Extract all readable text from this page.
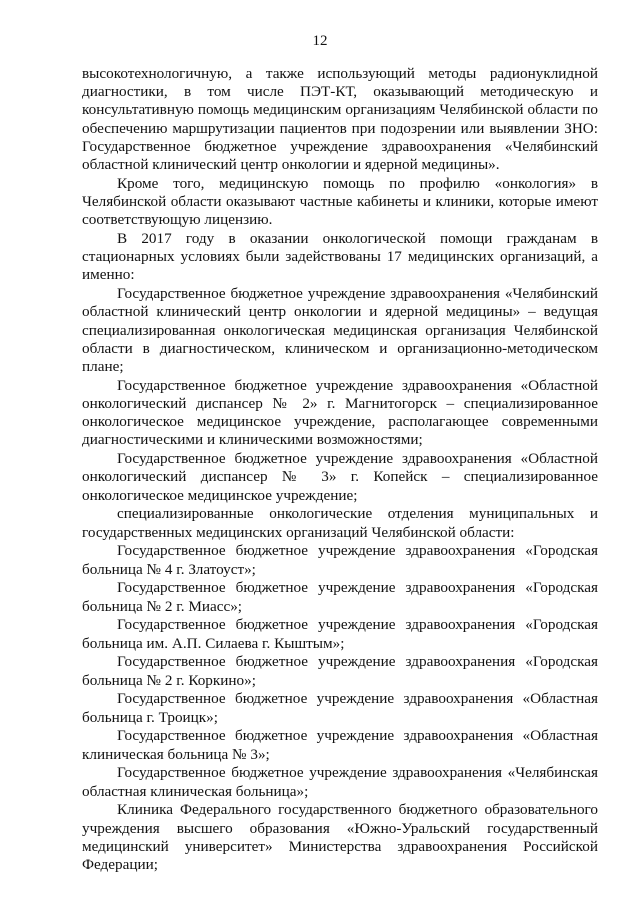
12

высокотехнологичную, а также использующий методы радионуклидной диагностики, в том числе ПЭТ-КТ, оказывающий методическую и консультативную помощь медицинским организациям Челябинской области по обеспечению маршрутизации пациентов при подозрении или выявлении ЗНО: Государственное бюджетное учреждение здравоохранения «Челябинский областной клинический центр онкологии и ядерной медицины».

Кроме того, медицинскую помощь по профилю «онкология» в Челябинской области оказывают частные кабинеты и клиники, которые имеют соответствующую лицензию.

В 2017 году в оказании онкологической помощи гражданам в стационарных условиях были задействованы 17 медицинских организаций, а именно:

Государственное бюджетное учреждение здравоохранения «Челябинский областной клинический центр онкологии и ядерной медицины» – ведущая специализированная онкологическая медицинская организация Челябинской области в диагностическом, клиническом и организационно-методическом плане;

Государственное бюджетное учреждение здравоохранения «Областной онкологический диспансер № 2» г. Магнитогорск – специализированное онкологическое медицинское учреждение, располагающее современными диагностическими и клиническими возможностями;

Государственное бюджетное учреждение здравоохранения «Областной онкологический диспансер № 3» г. Копейск – специализированное онкологическое медицинское учреждение;

специализированные онкологические отделения муниципальных и государственных медицинских организаций Челябинской области:

Государственное бюджетное учреждение здравоохранения «Городская больница № 4 г. Златоуст»;

Государственное бюджетное учреждение здравоохранения «Городская больница № 2 г. Миасс»;

Государственное бюджетное учреждение здравоохранения «Городская больница им. А.П. Силаева г. Кыштым»;

Государственное бюджетное учреждение здравоохранения «Городская больница № 2 г. Коркино»;

Государственное бюджетное учреждение здравоохранения «Областная больница г. Троицк»;

Государственное бюджетное учреждение здравоохранения «Областная клиническая больница № 3»;

Государственное бюджетное учреждение здравоохранения «Челябинская областная клиническая больница»;

Клиника Федерального государственного бюджетного образовательного учреждения высшего образования «Южно-Уральский государственный медицинский университет» Министерства здравоохранения Российской Федерации;
